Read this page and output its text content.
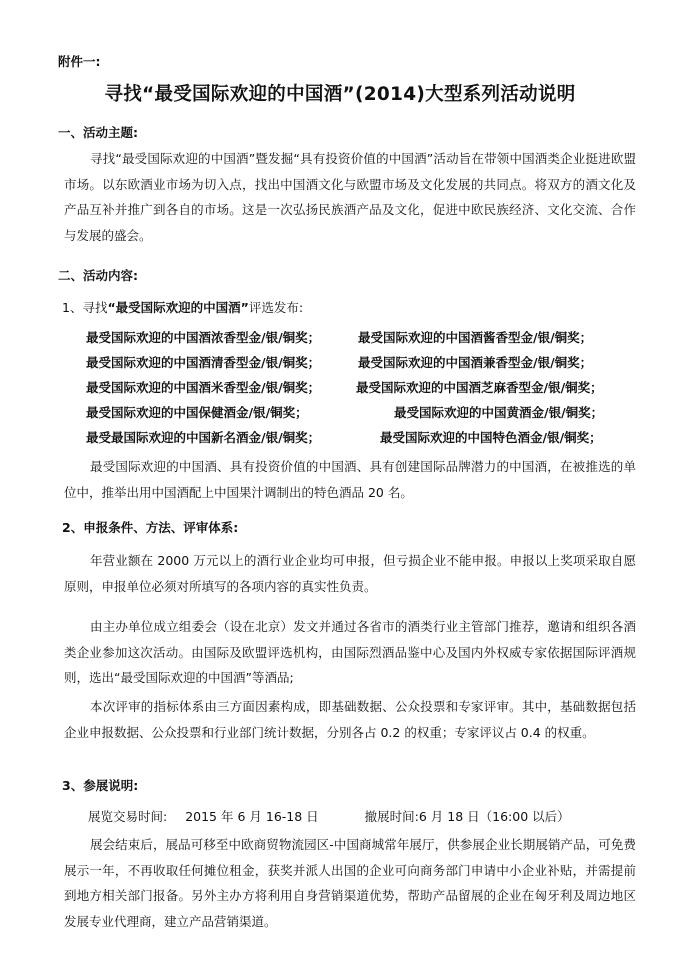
附件一:
寻找“最受国际欢迎的中国酒”(2014)大型系列活动说明
一、活动主题:
寻找“最受国际欢迎的中国酒”暨发掘“具有投资价值的中国酒”活动旨在带领中国酒类企业挺进欧盟市场。以东欧酒业市场为切入点，找出中国酒文化与欧盟市场及文化发展的共同点。将双方的酒文化及产品互补并推广到各自的市场。这是一次弘扬民族酒产品及文化，促进中欧民族经济、文化交流、合作与发展的盛会。
二、活动内容:
1、寻找“最受国际欢迎的中国酒”评选发布:
最受国际欢迎的中国酒浓香型金/银/铜奖；	最受国际欢迎的中国酒酱香型金/银/铜奖；
最受国际欢迎的中国酒清香型金/银/铜奖；	最受国际欢迎的中国酒兼香型金/银/铜奖；
最受国际欢迎的中国酒米香型金/银/铜奖；	最受国际欢迎的中国酒芝麻香型金/银/铜奖；
最受国际欢迎的中国保健酒金/银/铜奖；	最受国际欢迎的中国黄酒金/银/铜奖；
最受最国际欢迎的中国新名酒金/银/铜奖；	最受国际欢迎的中国特色酒金/银/铜奖；
最受国际欢迎的中国酒、具有投资价值的中国酒、具有创建国际品牌潜力的中国酒，在被推选的单位中，推举出用中国酒配上中国果汁调制出的特色酒品 20 名。
2、申报条件、方法、评审体系:
年营业额在 2000 万元以上的酒行业企业均可申报，但亏损企业不能申报。申报以上奖项采取自愿原则，申报单位必须对所填写的各项内容的真实性负责。
由主办单位成立组委会（设在北京）发文并通过各省市的酒类行业主管部门推荐，邀请和组织各酒类企业参加这次活动。由国际及欧盟评选机构，由国际烈酒品鉴中心及国内外权威专家依据国际评酒规则，选出“最受国际欢迎的中国酒”等酒品;
本次评审的指标体系由三方面因素构成，即基础数据、公众投票和专家评审。其中，基础数据包括企业申报数据、公众投票和行业部门统计数据，分别各占 0.2 的权重；专家评议占 0.4 的权重。
3、参展说明:
展览交易时间: 2015 年 6 月 16-18 日	撤展时间:6 月 18 日（16:00 以后）
展会结束后，展品可移至中欧商贸物流园区-中国商城常年展厅，供参展企业长期展销产品，可免费展示一年，不再收取任何摊位租金，获奖并派人出国的企业可向商务部门申请中小企业补贴，并需提前到地方相关部门报备。另外主办方将利用自身营销渠道优势，帮助产品留展的企业在匈牙利及周边地区发展专业代理商，建立产品营销渠道。
